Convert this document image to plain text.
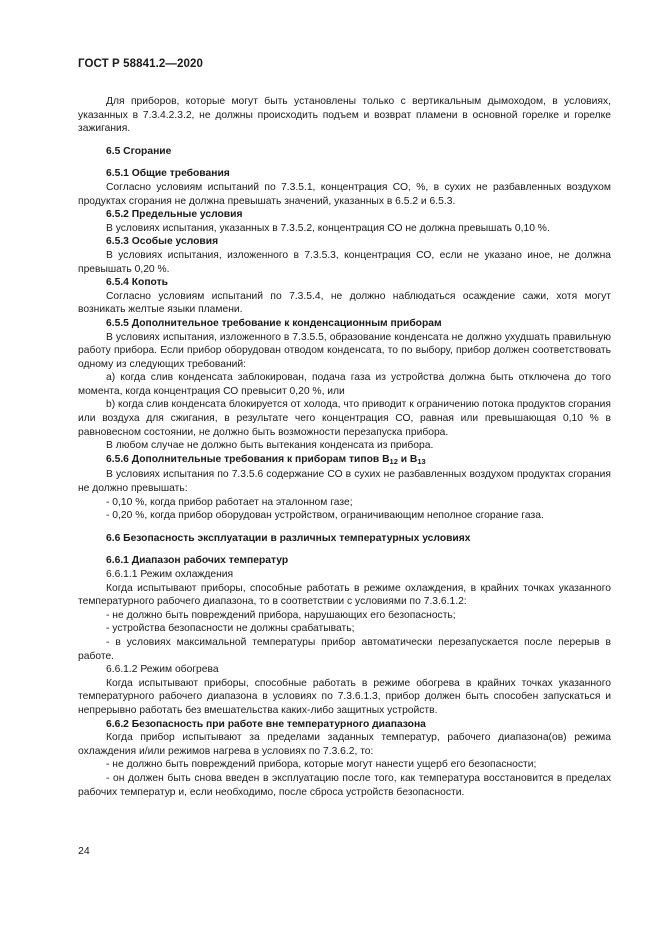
ГОСТ Р 58841.2—2020

Для приборов, которые могут быть установлены только с вертикальным дымоходом, в условиях, указанных в 7.3.4.2.3.2, не должны происходить подъем и возврат пламени в основной горелке и горелке зажигания.

6.5 Сгорание

6.5.1 Общие требования

Согласно условиям испытаний по 7.3.5.1, концентрация СО, %, в сухих не разбавленных воздухом продуктах сгорания не должна превышать значений, указанных в 6.5.2 и 6.5.3.

6.5.2 Предельные условия

В условиях испытания, указанных в 7.3.5.2, концентрация СО не должна превышать 0,10 %.

6.5.3 Особые условия

В условиях испытания, изложенного в 7.3.5.3, концентрация СО, если не указано иное, не должна превышать 0,20 %.

6.5.4 Копоть

Согласно условиям испытаний по 7.3.5.4, не должно наблюдаться осаждение сажи, хотя могут возникать желтые языки пламени.

6.5.5 Дополнительное требование к конденсационным приборам

В условиях испытания, изложенного в 7.3.5.5, образование конденсата не должно ухудшать правильную работу прибора. Если прибор оборудован отводом конденсата, то по выбору, прибор должен соответствовать одному из следующих требований:

a) когда слив конденсата заблокирован, подача газа из устройства должна быть отключена до того момента, когда концентрация СО превысит 0,20 %, или

b) когда слив конденсата блокируется от холода, что приводит к ограничению потока продуктов сгорания или воздуха для сжигания, в результате чего концентрация СО, равная или превышающая 0,10 % в равновесном состоянии, не должно быть возможности перезапуска прибора.

В любом случае не должно быть вытекания конденсата из прибора.

6.5.6 Дополнительные требования к приборам типов $B_{12}$ и $B_{13}$

В условиях испытания по 7.3.5.6 содержание СО в сухих не разбавленных воздухом продуктах сгорания не должно превышать:

- 0,10 %, когда прибор работает на эталонном газе;

- 0,20 %, когда прибор оборудован устройством, ограничивающим неполное сгорание газа.

6.6 Безопасность эксплуатации в различных температурных условиях

6.6.1 Диапазон рабочих температур

6.6.1.1 Режим охлаждения

Когда испытывают приборы, способные работать в режиме охлаждения, в крайних точках указанного температурного рабочего диапазона, то в соответствии с условиями по 7.3.6.1.2:

- не должно быть повреждений прибора, нарушающих его безопасность;

- устройства безопасности не должны срабатывать;

- в условиях максимальной температуры прибор автоматически перезапускается после перерыв в работе.

6.6.1.2 Режим обогрева

Когда испытывают приборы, способные работать в режиме обогрева в крайних точках указанного температурного рабочего диапазона в условиях по 7.3.6.1.3, прибор должен быть способен запускаться и непрерывно работать без вмешательства каких-либо защитных устройств.

6.6.2 Безопасность при работе вне температурного диапазона

Когда прибор испытывают за пределами заданных температур, рабочего диапазона(ов) режима охлаждения и/или режимов нагрева в условиях по 7.3.6.2, то:

- не должно быть повреждений прибора, которые могут нанести ущерб его безопасности;

- он должен быть снова введен в эксплуатацию после того, как температура восстановится в пределах рабочих температур и, если необходимо, после сброса устройств безопасности.

24
